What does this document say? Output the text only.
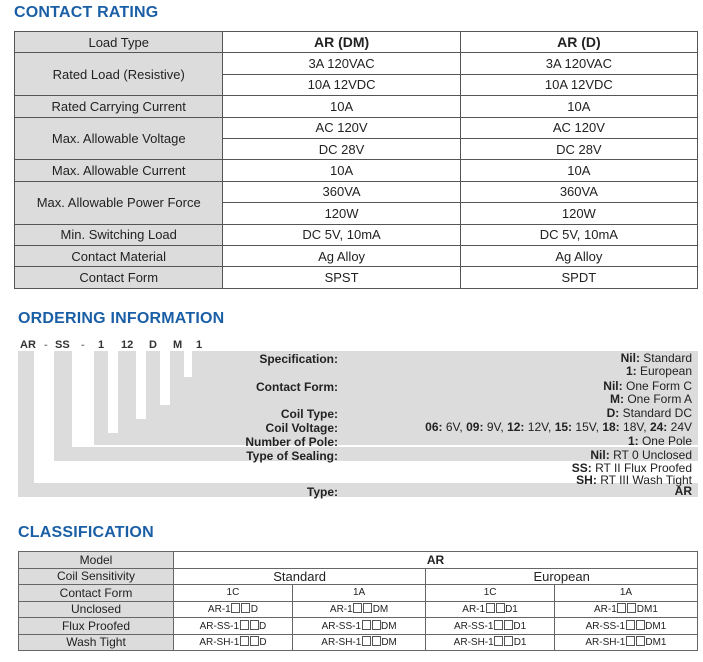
CONTACT RATING
Load Type	AR (DM)	AR (D)
Rated Load (Resistive)	3A 120VAC	3A 120VAC
	10A 12VDC	10A 12VDC
Rated Carrying Current	10A	10A
Max. Allowable Voltage	AC 120V	AC 120V
	DC 28V	DC 28V
Max. Allowable Current	10A	10A
Max. Allowable Power Force	360VA	360VA
	120W	120W
Min. Switching Load	DC 5V, 10mA	DC 5V, 10mA
Contact Material	Ag Alloy	Ag Alloy
Contact Form	SPST	SPDT
ORDERING INFORMATION
AR - SS - 1 12 D M 1
Specification:	Nil: Standard
1: European
Contact Form:	Nil: One Form C
M: One Form A
Coil Type:	D: Standard DC
Coil Voltage:	06: 6V, 09: 9V, 12: 12V, 15: 15V, 18: 18V, 24: 24V
Number of Pole:	1: One Pole
Type of Sealing:	Nil: RT 0 Unclosed
SS: RT II Flux Proofed
SH: RT III Wash Tight
Type:	AR
CLASSIFICATION
Model	AR			
Coil Sensitivity	Standard		European	
Contact Form	1C	1A	1C	1A
Unclosed	AR-1 D	AR-1 DM	AR-1 D1	AR-1 DM1
Flux Proofed	AR-SS-1 D	AR-SS-1 DM	AR-SS-1 D1	AR-SS-1 DM1
Wash Tight	AR-SH-1 D	AR-SH-1 DM	AR-SH-1 D1	AR-SH-1 DM1
